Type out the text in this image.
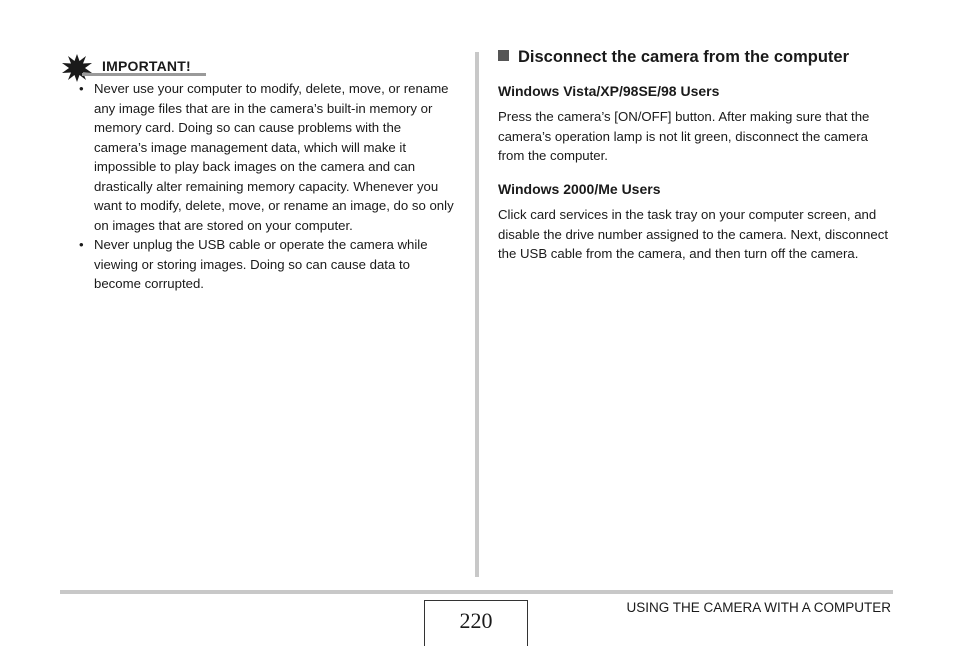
IMPORTANT!
• Never use your computer to modify, delete, move, or rename any image files that are in the camera’s built-in memory or memory card. Doing so can cause problems with the camera’s image management data, which will make it impossible to play back images on the camera and can drastically alter remaining memory capacity. Whenever you want to modify, delete, move, or rename an image, do so only on images that are stored on your computer.
• Never unplug the USB cable or operate the camera while viewing or storing images. Doing so can cause data to become corrupted.
Disconnect the camera from the computer
Windows Vista/XP/98SE/98 Users

Press the camera’s [ON/OFF] button. After making sure that the camera’s operation lamp is not lit green, disconnect the camera from the computer.

Windows 2000/Me Users

Click card services in the task tray on your computer screen, and disable the drive number assigned to the camera. Next, disconnect the USB cable from the camera, and then turn off the camera.

220
USING THE CAMERA WITH A COMPUTER
